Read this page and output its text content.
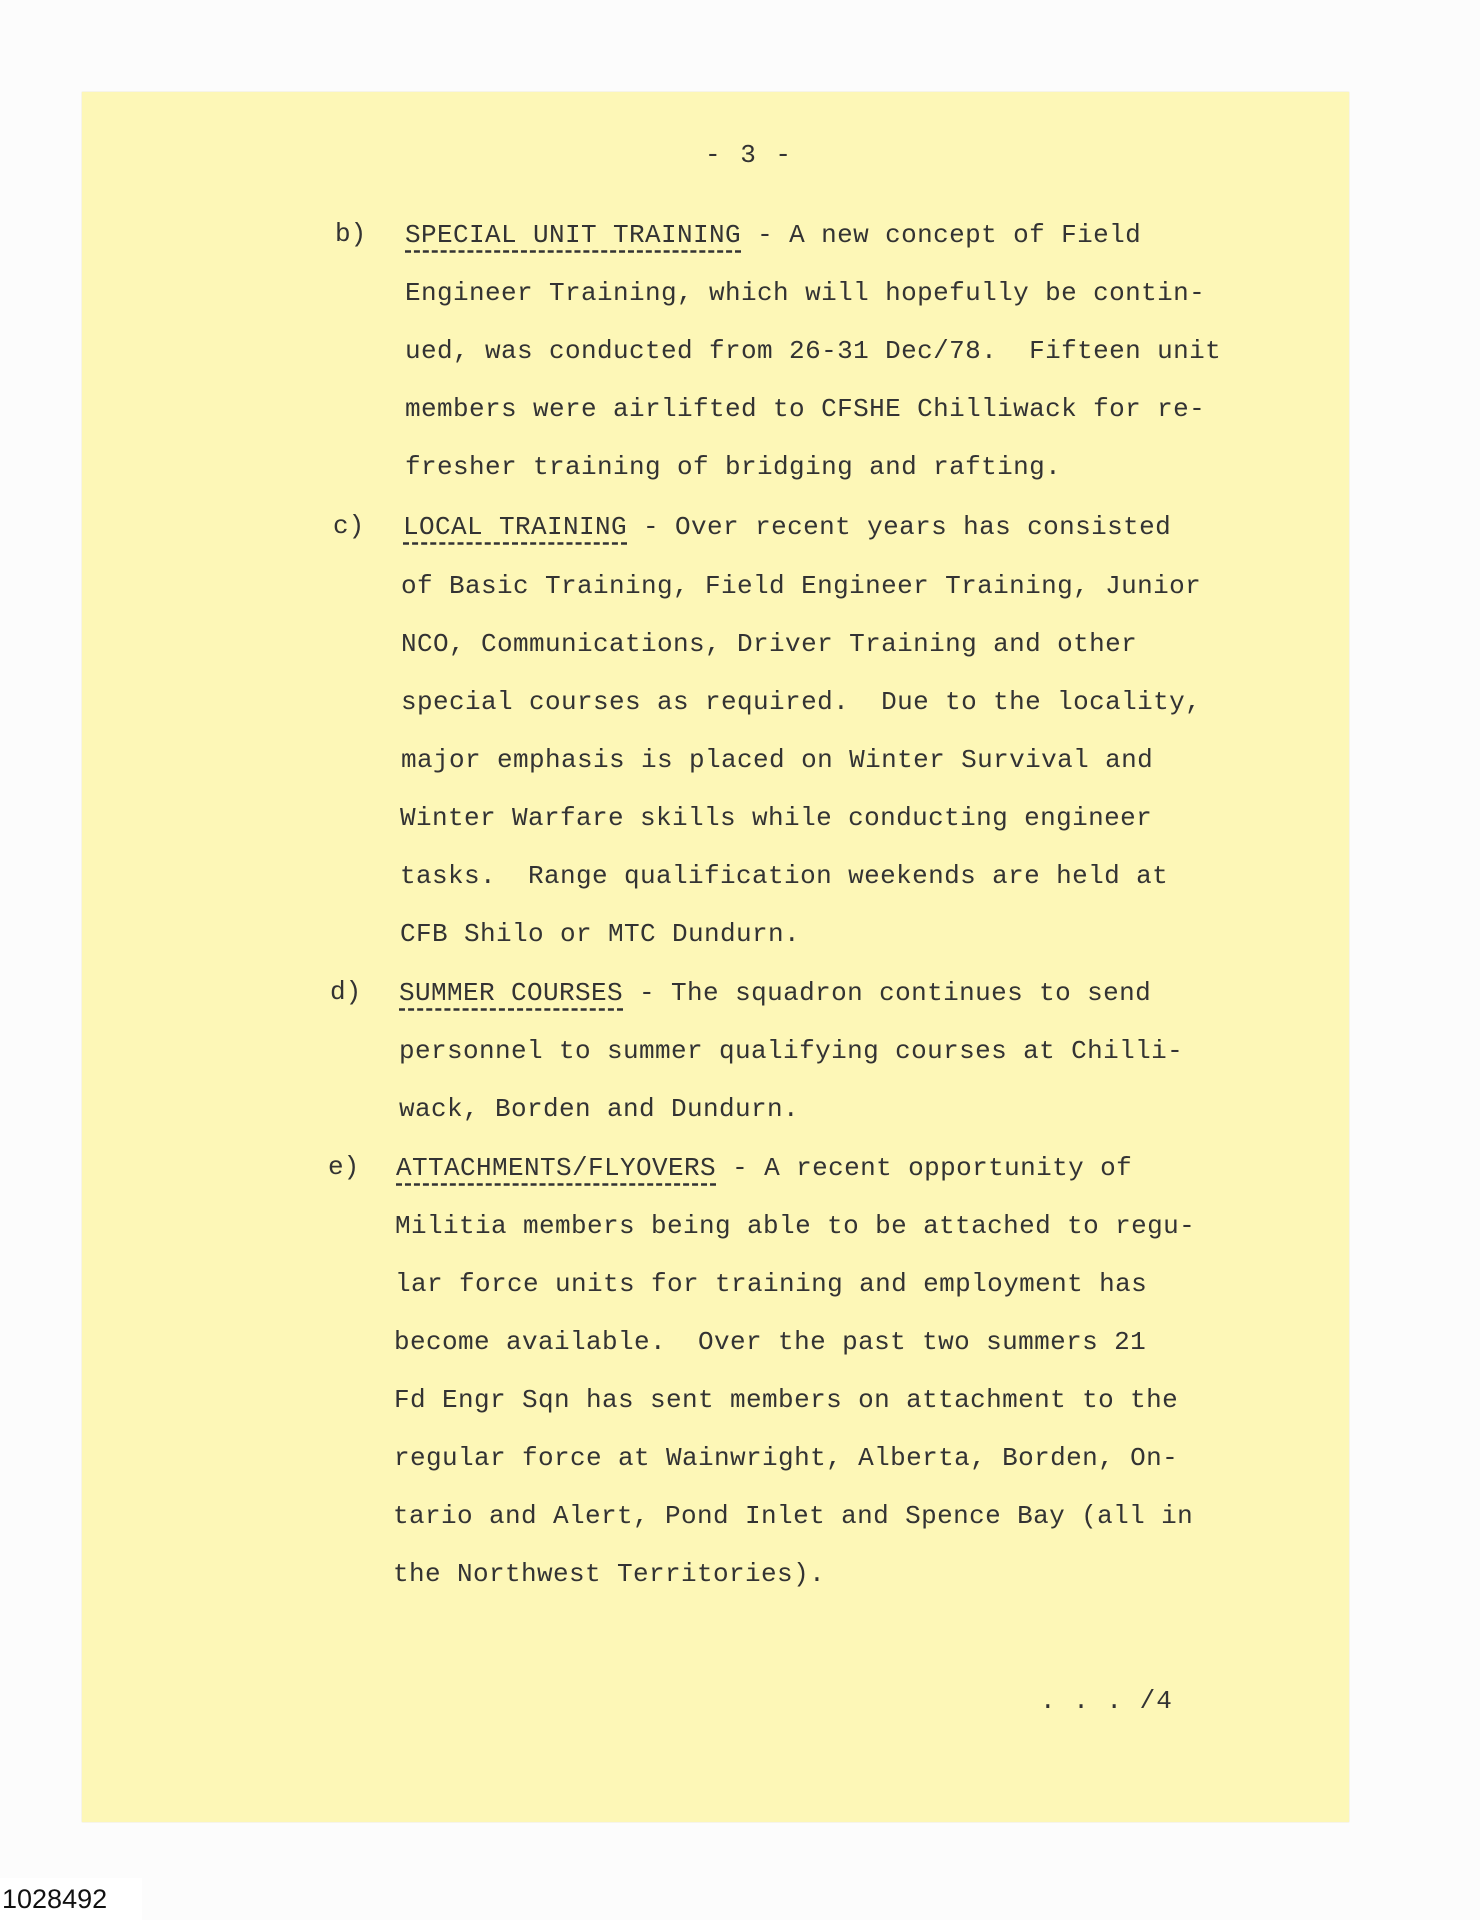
- 3 -
b) SPECIAL UNIT TRAINING - A new concept of Field
Engineer Training, which will hopefully be contin-
ued, was conducted from 26-31 Dec/78.  Fifteen unit
members were airlifted to CFSHE Chilliwack for re-
fresher training of bridging and rafting.
c) LOCAL TRAINING - Over recent years has consisted
of Basic Training, Field Engineer Training, Junior
NCO, Communications, Driver Training and other
special courses as required.  Due to the locality,
major emphasis is placed on Winter Survival and
Winter Warfare skills while conducting engineer
tasks.  Range qualification weekends are held at
CFB Shilo or MTC Dundurn.
d) SUMMER COURSES - The squadron continues to send
personnel to summer qualifying courses at Chilli-
wack, Borden and Dundurn.
e) ATTACHMENTS/FLYOVERS - A recent opportunity of
Militia members being able to be attached to regu-
lar force units for training and employment has
become available.  Over the past two summers 21
Fd Engr Sqn has sent members on attachment to the
regular force at Wainwright, Alberta, Borden, On-
tario and Alert, Pond Inlet and Spence Bay (all in
the Northwest Territories).
. . . /4
1028492
